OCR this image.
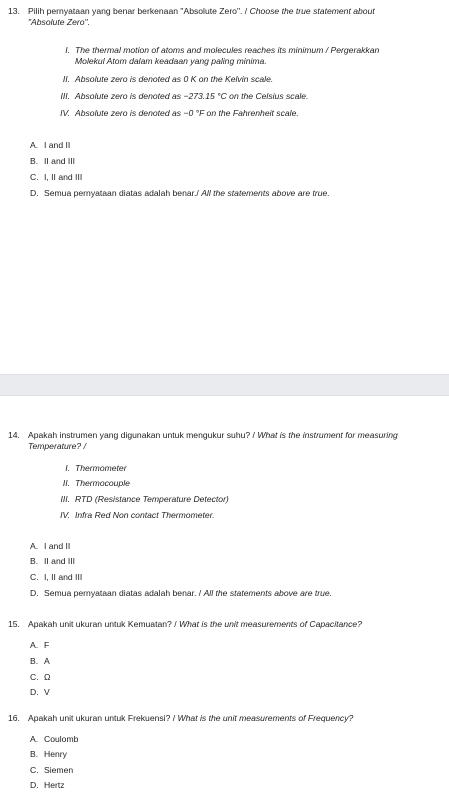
13. Pilih pernyataan yang benar berkenaan "Absolute Zero". / Choose the true statement about "Absolute Zero".
I. The thermal motion of atoms and molecules reaches its minimum / Pergerakkan Molekul Atom dalam keadaan yang paling minima.
II. Absolute zero is denoted as 0 K on the Kelvin scale.
III. Absolute zero is denoted as −273.15 °C on the Celsius scale.
IV. Absolute zero is denoted as −0 °F on the Fahrenheit scale.
A. I and II
B. II and III
C. I, II and III
D. Semua pernyataan diatas adalah benar./ All the statements above are true.
14. Apakah instrumen yang digunakan untuk mengukur suhu? / What is the instrument for measuring Temperature? /
I. Thermometer
II. Thermocouple
III. RTD (Resistance Temperature Detector)
IV. Infra Red Non contact Thermometer.
A. I and II
B. II and III
C. I, II and III
D. Semua pernyataan diatas adalah benar. / All the statements above are true.
15. Apakah unit ukuran untuk Kemuatan? / What is the unit measurements of Capacitance?
A. F
B. A
C. Ω
D. V
16. Apakah unit ukuran untuk Frekuensi? / What is the unit measurements of Frequency?
A. Coulomb
B. Henry
C. Siemen
D. Hertz
